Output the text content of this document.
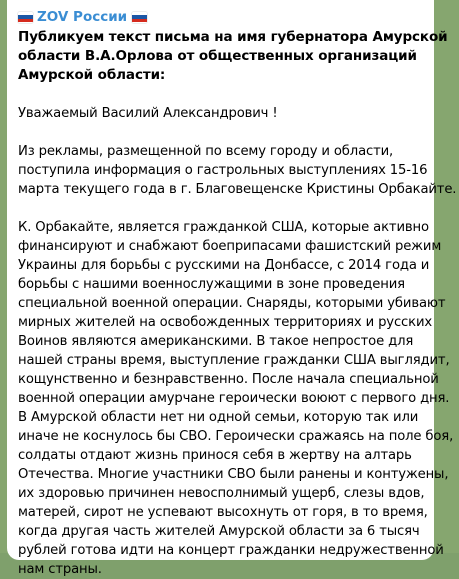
ZOV России
Публикуем текст письма на имя губернатора Амурской
области В.А.Орлова от общественных организаций
Амурской области:
Уважаемый Василий Александрович !
Из рекламы, размещенной по всему городу и области,
поступила информация о гастрольных выступлениях 15-16
марта текущего года в г. Благовещенске Кристины Орбакайте.
К. Орбакайте, является гражданкой США, которые активно
финансируют и снабжают боеприпасами фашистский режим
Украины для борьбы с русскими на Донбассе, с 2014 года и
борьбы с нашими военнослужащими в зоне проведения
специальной военной операции. Снаряды, которыми убивают
мирных жителей на освобожденных территориях и русских
Воинов являются американскими. В такое непростое для
нашей страны время, выступление гражданки США выглядит,
кощунственно и безнравственно. После начала специальной
военной операции амурчане героически воюют с первого дня.
В Амурской области нет ни одной семьи, которую так или
иначе не коснулось бы СВО. Героически сражаясь на поле боя,
солдаты отдают жизнь принося себя в жертву на алтарь
Отечества. Многие участники СВО были ранены и контужены,
их здоровью причинен невосполнимый ущерб, слезы вдов,
матерей, сирот не успевают высохнуть от горя, в то время,
когда другая часть жителей Амурской области за 6 тысяч
рублей готова идти на концерт гражданки недружественной
нам страны.
